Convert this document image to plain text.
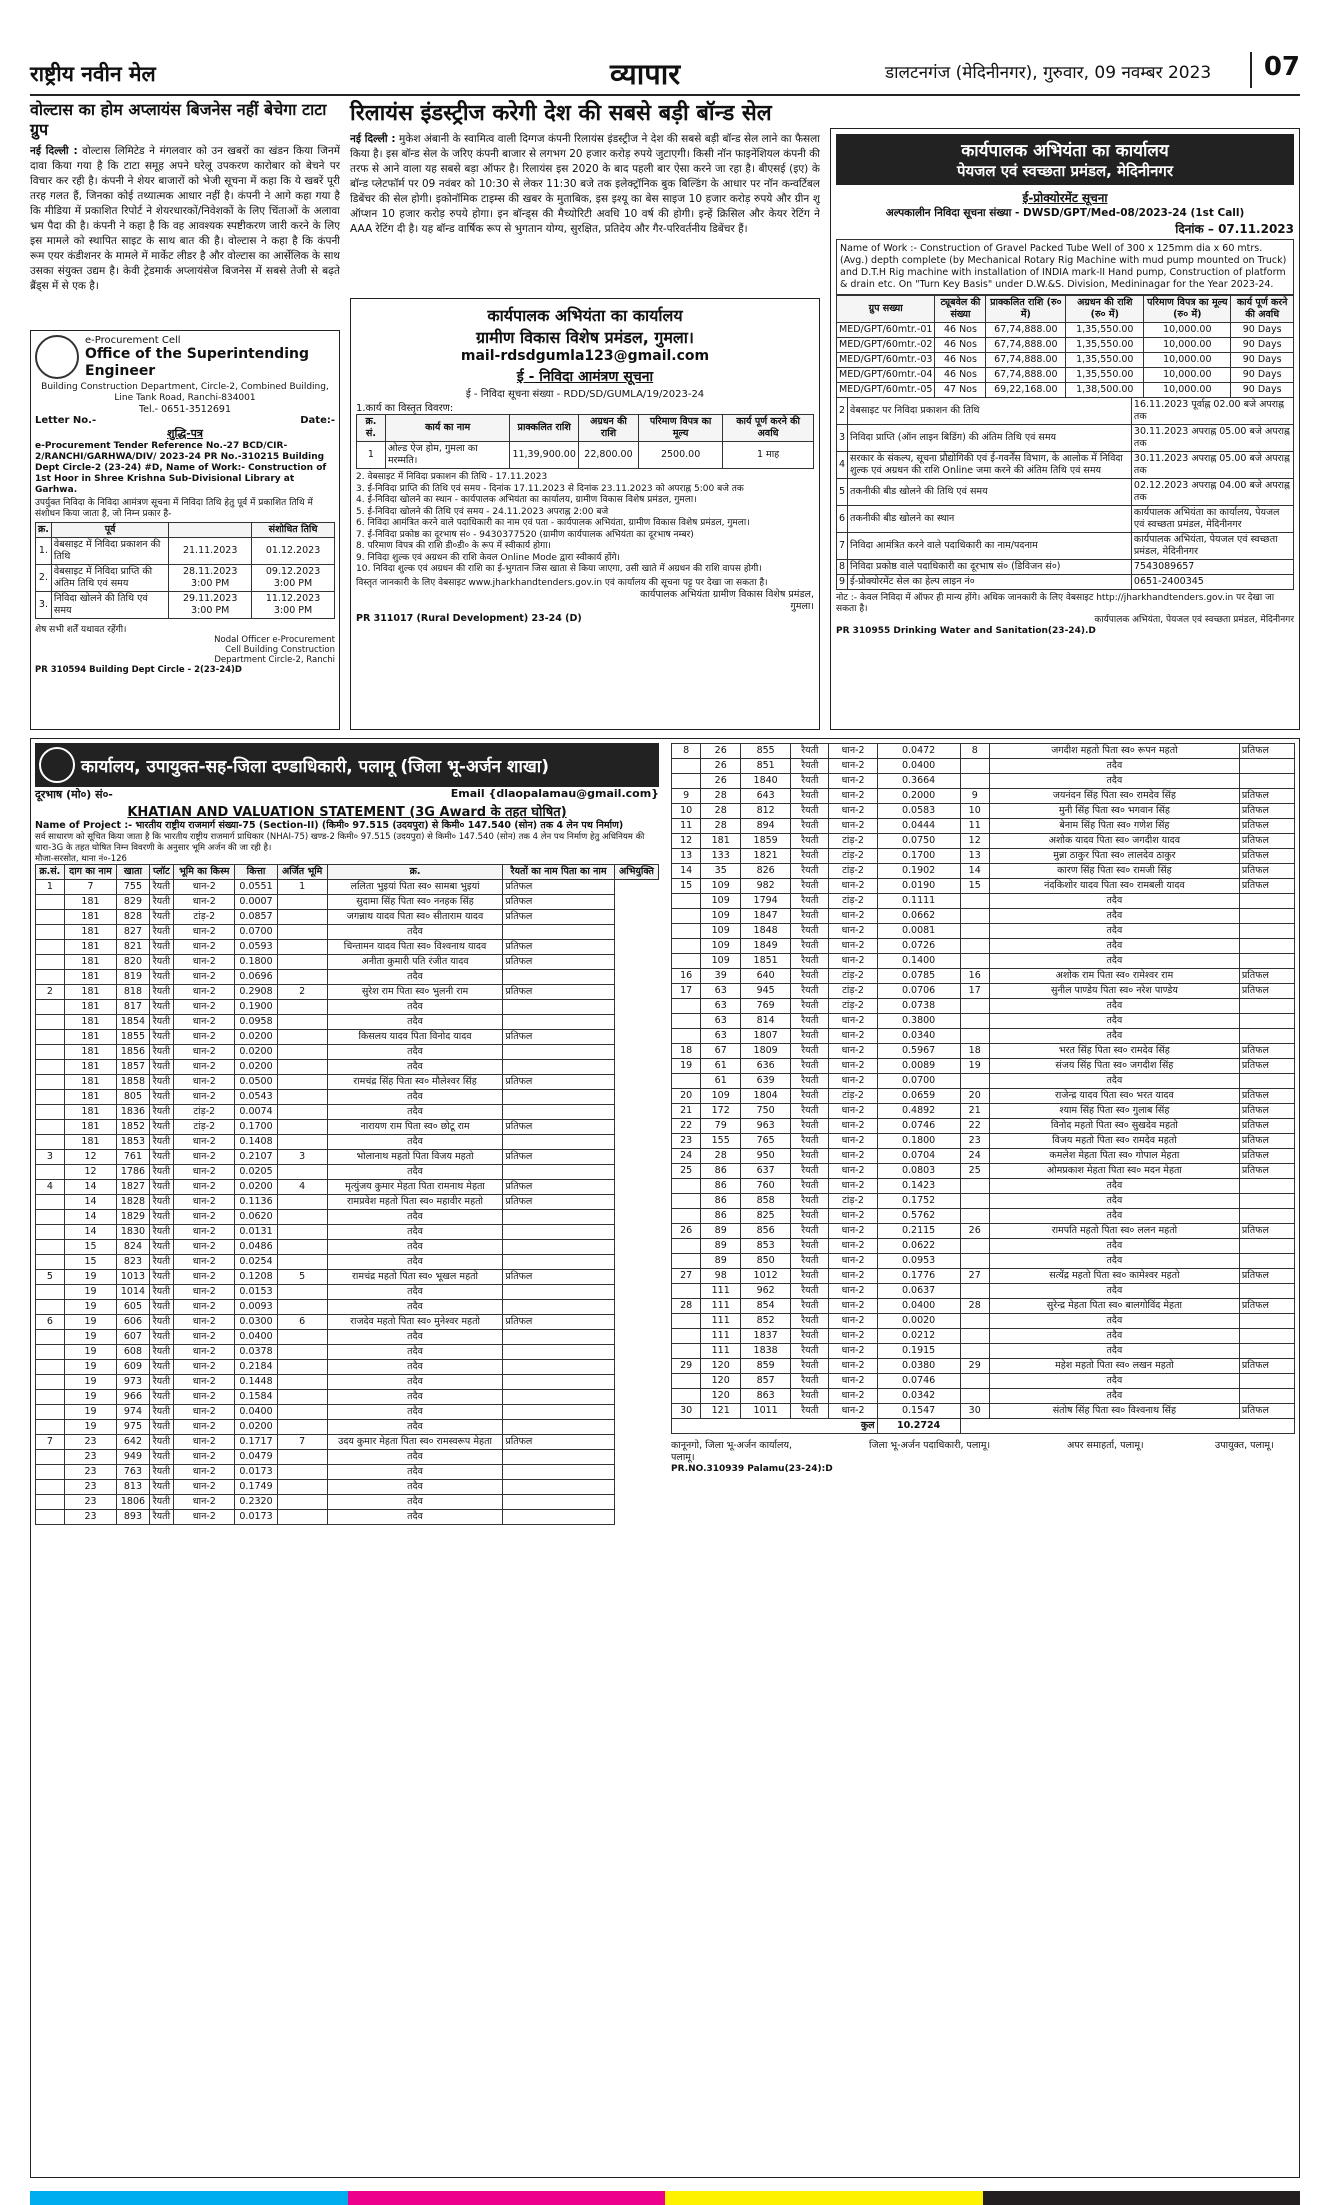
राष्ट्रीय नवीन मेल	व्यापार	डालटनगंज (मेदिनीनगर), गुरुवार, 09 नवम्बर 2023	07
वोल्टास का होम अप्लायंस बिजनेस नहीं बेचेगा टाटा ग्रुप
नई दिल्ली : वोल्टास लिमिटेड ने मंगलवार को उन खबरों का खंडन किया जिनमें दावा किया गया है कि टाटा समूह अपने घरेलू उपकरण कारोबार को बेचने पर विचार कर रही है। कंपनी ने शेयर बाजारों को भेजी सूचना में कहा कि ये खबरें पूरी तरह गलत हैं, जिनका कोई तथ्यात्मक आधार नहीं है। कंपनी ने आगे कहा गया है कि मीडिया में प्रकाशित रिपोर्ट ने शेयरधारकों/निवेशकों के लिए चिंताओं के अलावा भ्रम पैदा की है। कंपनी ने कहा है कि वह आवश्यक स्पष्टीकरण जारी करने के लिए इस मामले को स्थापित साइट के साथ बात की है। वोल्टास ने कहा है कि कंपनी रूम एयर कंडीशनर के मामले में मार्केट लीडर है और वोल्टास का आर्सेलिक के साथ उसका संयुक्त उद्यम है। केवी ट्रेडमार्क अप्लायंसेज बिजनेस में सबसे तेजी से बढ़ते ब्रैंड्स में से एक है।
रिलायंस इंडस्ट्रीज करेगी देश की सबसे बड़ी बॉन्ड सेल
नई दिल्ली : मुकेश अंबानी के स्वामित्व वाली दिग्गज कंपनी रिलायंस इंडस्ट्रीज ने देश की सबसे बड़ी बॉन्ड सेल लाने का फैसला किया है। इस बॉन्ड सेल के जरिए कंपनी बाजार से लगभग 20 हजार करोड़ रुपये जुटाएगी। किसी नॉन फाइनेंशियल कंपनी की तरफ से आने वाला यह सबसे बड़ा ऑफर है। रिलायंस इस 2020 के बाद पहली बार ऐसा करने जा रहा है। बीएसई (इए) के बॉन्ड प्लेटफॉर्म पर 09 नवंबर को 10:30 से लेकर 11:30 बजे तक इलेक्ट्रॉनिक बुक बिल्डिंग के आधार पर नॉन कन्वर्टिबल डिबेंचर की सेल होगी। इकोनॉमिक टाइम्स की खबर के मुताबिक, इस इश्यू का बेस साइज 10 हजार करोड़ रुपये और ग्रीन शू ऑप्शन 10 हजार करोड़ रुपये होगा। इन बॉन्ड्स की मैच्योरिटी अवधि 10 वर्ष की होगी। इन्हें क्रिसिल और केयर रेटिंग ने AAA रेटिंग दी है। यह बॉन्ड वार्षिक रूप से भुगतान योग्य, सुरक्षित, प्रतिदेय और गैर-परिवर्तनीय डिबेंचर हैं।
e-Procurement Cell
Office of the Superintending Engineer
Building Construction Department, Circle-2, Combined Building, Line Tank Road, Ranchi-834001
Tel.- 0651-3512691
Letter No.-	Date:-
शुद्धि-पत्र
e-Procurement Tender Reference No.-27 BCD/CIR-2/RANCHI/GARHWA/DIV/ 2023-24 PR No.-310215 Building Dept Circle-2 (23-24) #D, Name of Work:- Construction of 1st Hoor in Shree Krishna Sub-Divisional Library at Garhwa.
उपर्युक्त निविदा के निविदा आमंत्रण सूचना में निविदा तिथि हेतु पूर्व में प्रकाशित तिथि में संशोधन किया जाता है, जो निम्न प्रकार है-
क्र.	पूर्व		संशोधित तिथि
1.	वेबसाइट में निविदा प्रकाशन की तिथि	21.11.2023	01.12.2023
2.	वेबसाइट में निविदा प्राप्ति की अंतिम तिथि एवं समय	28.11.2023 3:00 PM	09.12.2023 3:00 PM
3.	निविदा खोलने की तिथि एवं समय	29.11.2023 3:00 PM	11.12.2023 3:00 PM
शेष सभी शर्तें यथावत रहेंगी।
Nodal Officer e-Procurement Cell Building Construction Department Circle-2, Ranchi
PR 310594 Building Dept Circle - 2(23-24)D
कार्यपालक अभियंता का कार्यालय
ग्रामीण विकास विशेष प्रमंडल, गुमला।
mail-rdsdgumla123@gmail.com
ई - निविदा आमंत्रण सूचना
ई - निविदा सूचना संख्या - RDD/SD/GUMLA/19/2023-24
1.कार्य का विस्तृत विवरण:
क्र. सं.	कार्य का नाम	प्राक्कलित राशि	अग्रधन की राशि	परिमाण विपत्र का मूल्य	कार्य पूर्ण करने की अवधि
1	ओल्ड ऐज होम, गुमला का मरम्मति।	11,39,900.00	22,800.00	2500.00	1 माह
2. वेबसाइट में निविदा प्रकाशन की तिथि - 17.11.2023
3. ई-निविदा प्राप्ति की तिथि एवं समय - दिनांक 17.11.2023 से दिनांक 23.11.2023 को अपराह्न 5:00 बजे तक
4. ई-निविदा खोलने का स्थान - कार्यपालक अभियंता का कार्यालय, ग्रामीण विकास विशेष प्रमंडल, गुमला।
5. ई-निविदा खोलने की तिथि एवं समय - 24.11.2023 अपराह्न 2:00 बजे
6. निविदा आमंत्रित करने वाले पदाधिकारी का नाम एवं पता - कार्यपालक अभियंता, ग्रामीण विकास विशेष प्रमंडल, गुमला।
7. ई-निविदा प्रकोष्ठ का दूरभाष सं० - 9430377520 (ग्रामीण कार्यपालक अभियंता का दूरभाष नम्बर)
8. परिमाण विपत्र की राशि डी०डी० के रूप में स्वीकार्य होगा।
9. निविदा शुल्क एवं अग्रधन की राशि केवल Online Mode द्वारा स्वीकार्य होंगे।
10. निविदा शुल्क एवं अग्रधन की राशि का ई-भुगतान जिस खाता से किया जाएगा, उसी खाते में अग्रधन की राशि वापस होगी।
विस्तृत जानकारी के लिए वेबसाइट www.jharkhandtenders.gov.in एवं कार्यालय की सूचना पट्ट पर देखा जा सकता है।
कार्यपालक अभियंता ग्रामीण विकास विशेष प्रमंडल, गुमला।
PR 311017 (Rural Development) 23-24 (D)
कार्यपालक अभियंता का कार्यालय
पेयजल एवं स्वच्छता प्रमंडल, मेदिनीनगर
ई-प्रोक्योरमेंट सूचना
अल्पकालीन निविदा सूचना संख्या - DWSD/GPT/Med-08/2023-24 (1st Call)
दिनांक – 07.11.2023
Name of Work :- Construction of Gravel Packed Tube Well of 300 x 125mm dia x 60 mtrs. (Avg.) depth complete (by Mechanical Rotary Rig Machine with mud pump mounted on Truck) and D.T.H Rig machine with installation of INDIA mark-II Hand pump, Construction of platform & drain etc. On "Turn Key Basis" under D.W.&S. Division, Medininagar for the Year 2023-24.
ग्रुप सख्या	ट्यूबवेल की संख्या	प्राक्कलित राशि (रु० में)	अग्रधन की राशि (रु० में)	परिमाण विपत्र का मूल्य (रु० में)	कार्य पूर्ण करने की अवधि
MED/GPT/60mtr.-01	46 Nos	67,74,888.00	1,35,550.00	10,000.00	90 Days
MED/GPT/60mtr.-02	46 Nos	67,74,888.00	1,35,550.00	10,000.00	90 Days
MED/GPT/60mtr.-03	46 Nos	67,74,888.00	1,35,550.00	10,000.00	90 Days
MED/GPT/60mtr.-04	46 Nos	67,74,888.00	1,35,550.00	10,000.00	90 Days
MED/GPT/60mtr.-05	47 Nos	69,22,168.00	1,38,500.00	10,000.00	90 Days
2	वेबसाइट पर निविदा प्रकाशन की तिथि	16.11.2023 पूर्वाह्न 02.00 बजे अपराह्न तक
3	निविदा प्राप्ति (ऑन लाइन बिडिंग) की अंतिम तिथि एवं समय	30.11.2023 अपराह्न 05.00 बजे अपराह्न तक
4	सरकार के संकल्प, सूचना प्रौद्योगिकी एवं ई-गवर्नेंस विभाग, के आलोक में निविदा शुल्क एवं अग्रधन की राशि Online जमा करने की अंतिम तिथि एवं समय	30.11.2023 अपराह्न 05.00 बजे अपराह्न तक
5	तकनीकी बीड खोलने की तिथि एवं समय	02.12.2023 अपराह्न 04.00 बजे अपराह्न तक
6	तकनीकी बीड खोलने का स्थान	कार्यपालक अभियंता का कार्यालय, पेयजल एवं स्वच्छता प्रमंडल, मेदिनीनगर
7	निविदा आमंत्रित करने वाले पदाधिकारी का नाम/पदनाम	कार्यपालक अभियंता, पेयजल एवं स्वच्छता प्रमंडल, मेदिनीनगर
8	निविदा प्रकोष्ठ वाले पदाधिकारी का दूरभाष सं० (डिविजन सं०)	7543089657
9	ई-प्रोक्योरमेंट सेल का हेल्प लाइन नं०	0651-2400345
नोट :- केवल निविदा में ऑफर ही मान्य होंगे। अधिक जानकारी के लिए वेबसाइट http://jharkhandtenders.gov.in पर देखा जा सकता है।
कार्यपालक अभियंता, पेयजल एवं स्वच्छता प्रमंडल, मेदिनीनगर
PR 310955 Drinking Water and Sanitation(23-24).D
कार्यालय, उपायुक्त-सह-जिला दण्डाधिकारी, पलामू (जिला भू-अर्जन शाखा)
दूरभाष (मो०) सं०-	Email {dlaopalamau@gmail.com}
KHATIAN AND VALUATION STATEMENT (3G Award के तहत घोषित)
Name of Project :- भारतीय राष्ट्रीय राजमार्ग संख्या-75 (Section-II) (किमी० 97.515 (उदयपुरा) से किमी० 147.540 (सोन) तक 4 लेन पथ निर्माण)
सर्व साधारण को सूचित किया जाता है कि भारतीय राष्ट्रीय राजमार्ग प्राधिकार (NHAI-75) खण्ड-2 किमी० 97.515 (उदयपुरा) से किमी० 147.540 (सोन) तक 4 लेन पथ निर्माण हेतु अधिनियम की धारा-3G के तहत घोषित निम्न विवरणी के अनुसार भूमि अर्जन की जा रही है।
मौजा-सरसोत, थाना नं०-126
क्र.सं.	दाग का नाम	खाता	प्लॉट	भूमि का किस्म	कित्ता	अर्जित भूमि	क्र.	रैयतों का नाम पिता का नाम	अभियुक्ति
1	7	755	रैयती	धान-2	0.0551	1	ललिता भुइयां पिता स्व० सामबा भुइयां	प्रतिफल	
	181	829	रैयती	धान-2	0.0007		सुदामा सिंह पिता स्व० ननहक सिंह	प्रतिफल	
	181	828	रैयती	टांड़-2	0.0857		जगन्नाथ यादव पिता स्व० सीताराम यादव	प्रतिफल	
	181	827	रैयती	धान-2	0.0700		तदैव		
	181	821	रैयती	धान-2	0.0593		चिन्तामन यादव पिता स्व० विश्वनाथ यादव	प्रतिफल	
	181	820	रैयती	धान-2	0.1800		अनीता कुमारी पति रंजीत यादव	प्रतिफल	
	181	819	रैयती	धान-2	0.0696		तदैव		
2	181	818	रैयती	धान-2	0.2908	2	सुरेश राम पिता स्व० भुलनी राम	प्रतिफल	
	181	817	रैयती	धान-2	0.1900		तदैव		
	181	1854	रैयती	धान-2	0.0958		तदैव		
	181	1855	रैयती	धान-2	0.0200		किसलय यादव पिता विनोद यादव	प्रतिफल	
	181	1856	रैयती	धान-2	0.0200		तदैव		
	181	1857	रैयती	धान-2	0.0200		तदैव		
	181	1858	रैयती	धान-2	0.0500		रामचंद्र सिंह पिता स्व० मौलेश्वर सिंह	प्रतिफल	
	181	805	रैयती	धान-2	0.0543		तदैव		
	181	1836	रैयती	टांड़-2	0.0074		तदैव		
	181	1852	रैयती	टांड़-2	0.1700		नारायण राम पिता स्व० छोटू राम	प्रतिफल	
	181	1853	रैयती	धान-2	0.1408		तदैव		
3	12	761	रैयती	धान-2	0.2107	3	भोलानाथ महतो पिता विजय महतो	प्रतिफल	
	12	1786	रैयती	धान-2	0.0205		तदैव		
4	14	1827	रैयती	धान-2	0.0200	4	मृत्युंजय कुमार मेहता पिता रामनाथ मेहता	प्रतिफल	
	14	1828	रैयती	धान-2	0.1136		रामप्रवेश महतो पिता स्व० महावीर महतो	प्रतिफल	
	14	1829	रैयती	धान-2	0.0620		तदैव		
	14	1830	रैयती	धान-2	0.0131		तदैव		
	15	824	रैयती	धान-2	0.0486		तदैव		
	15	823	रैयती	धान-2	0.0254		तदैव		
5	19	1013	रैयती	धान-2	0.1208	5	रामचंद्र महतो पिता स्व० भूखल महतो	प्रतिफल	
	19	1014	रैयती	धान-2	0.0153		तदैव		
	19	605	रैयती	धान-2	0.0093		तदैव		
6	19	606	रैयती	धान-2	0.0300	6	राजदेव महतो पिता स्व० मुनेश्वर महतो	प्रतिफल	
	19	607	रैयती	धान-2	0.0400		तदैव		
	19	608	रैयती	धान-2	0.0378		तदैव		
	19	609	रैयती	धान-2	0.2184		तदैव		
	19	973	रैयती	धान-2	0.1448		तदैव		
	19	966	रैयती	धान-2	0.1584		तदैव		
	19	974	रैयती	धान-2	0.0400		तदैव		
	19	975	रैयती	धान-2	0.0200		तदैव		
7	23	642	रैयती	धान-2	0.1717	7	उदय कुमार मेहता पिता स्व० रामस्वरूप मेहता	प्रतिफल	
	23	949	रैयती	धान-2	0.0479		तदैव		
	23	763	रैयती	धान-2	0.0173		तदैव		
	23	813	रैयती	धान-2	0.1749		तदैव		
	23	1806	रैयती	धान-2	0.2320		तदैव		
	23	893	रैयती	धान-2	0.0173		तदैव		
8	26	855	रैयती	धान-2	0.0472	8	जगदीश महतो पिता स्व० रूपन महतो	प्रतिफल
	26	851	रैयती	धान-2	0.0400		तदैव	
	26	1840	रैयती	धान-2	0.3664		तदैव	
9	28	643	रैयती	धान-2	0.2000	9	जयनंदन सिंह पिता स्व० रामदेव सिंह	प्रतिफल
10	28	812	रैयती	धान-2	0.0583	10	मुनी सिंह पिता स्व० भगवान सिंह	प्रतिफल
11	28	894	रैयती	धान-2	0.0444	11	बेनाम सिंह पिता स्व० गणेश सिंह	प्रतिफल
12	181	1859	रैयती	टांड़-2	0.0750	12	अशोक यादव पिता स्व० जगदीश यादव	प्रतिफल
13	133	1821	रैयती	टांड़-2	0.1700	13	मुन्ना ठाकुर पिता स्व० लालदेव ठाकुर	प्रतिफल
14	35	826	रैयती	टांड़-2	0.1902	14	कारण सिंह पिता स्व० रामजी सिंह	प्रतिफल
15	109	982	रैयती	धान-2	0.0190	15	नंदकिशोर यादव पिता स्व० रामबली यादव	प्रतिफल
	109	1794	रैयती	टांड़-2	0.1111		तदैव	
	109	1847	रैयती	धान-2	0.0662		तदैव	
	109	1848	रैयती	धान-2	0.0081		तदैव	
	109	1849	रैयती	धान-2	0.0726		तदैव	
	109	1851	रैयती	धान-2	0.1400		तदैव	
16	39	640	रैयती	टांड़-2	0.0785	16	अशोक राम पिता स्व० रामेश्वर राम	प्रतिफल
17	63	945	रैयती	टांड़-2	0.0706	17	सुनील पाण्डेय पिता स्व० नरेश पाण्डेय	प्रतिफल
	63	769	रैयती	टांड़-2	0.0738		तदैव	
	63	814	रैयती	धान-2	0.3800		तदैव	
	63	1807	रैयती	धान-2	0.0340		तदैव	
18	67	1809	रैयती	धान-2	0.5967	18	भरत सिंह पिता स्व० रामदेव सिंह	प्रतिफल
19	61	636	रैयती	धान-2	0.0089	19	संजय सिंह पिता स्व० जगदीश सिंह	प्रतिफल
	61	639	रैयती	धान-2	0.0700		तदैव	
20	109	1804	रैयती	टांड़-2	0.0659	20	राजेन्द्र यादव पिता स्व० भरत यादव	प्रतिफल
21	172	750	रैयती	धान-2	0.4892	21	श्याम सिंह पिता स्व० गुलाब सिंह	प्रतिफल
22	79	963	रैयती	धान-2	0.0746	22	विनोद महतो पिता स्व० सुखदेव महतो	प्रतिफल
23	155	765	रैयती	धान-2	0.1800	23	विजय महतो पिता स्व० रामदेव महतो	प्रतिफल
24	28	950	रैयती	धान-2	0.0704	24	कमलेश मेहता पिता स्व० गोपाल मेहता	प्रतिफल
25	86	637	रैयती	धान-2	0.0803	25	ओमप्रकाश मेहता पिता स्व० मदन मेहता	प्रतिफल
	86	760	रैयती	धान-2	0.1423		तदैव	
	86	858	रैयती	टांड़-2	0.1752		तदैव	
	86	825	रैयती	धान-2	0.5762		तदैव	
26	89	856	रैयती	धान-2	0.2115	26	रामपति महतो पिता स्व० ललन महतो	प्रतिफल
	89	853	रैयती	धान-2	0.0622		तदैव	
	89	850	रैयती	धान-2	0.0953		तदैव	
27	98	1012	रैयती	धान-2	0.1776	27	सत्येंद्र महतो पिता स्व० कामेश्वर महतो	प्रतिफल
	111	962	रैयती	धान-2	0.0637		तदैव	
28	111	854	रैयती	धान-2	0.0400	28	सुरेन्द्र मेहता पिता स्व० बालगोविंद मेहता	प्रतिफल
	111	852	रैयती	धान-2	0.0020		तदैव	
	111	1837	रैयती	धान-2	0.0212		तदैव	
	111	1838	रैयती	धान-2	0.1915		तदैव	
29	120	859	रैयती	धान-2	0.0380	29	महेश महतो पिता स्व० लखन महतो	प्रतिफल
	120	857	रैयती	धान-2	0.0746		तदैव	
	120	863	रैयती	धान-2	0.0342		तदैव	
30	121	1011	रैयती	धान-2	0.1547	30	संतोष सिंह पिता स्व० विश्वनाथ सिंह	प्रतिफल
कुल					10.2724			
कानूनगो, जिला भू-अर्जन कार्यालय, पलामू।
जिला भू-अर्जन पदाधिकारी, पलामू।	अपर समाहर्ता, पलामू।	उपायुक्त, पलामू।
PR.NO.310939 Palamu(23-24):D
